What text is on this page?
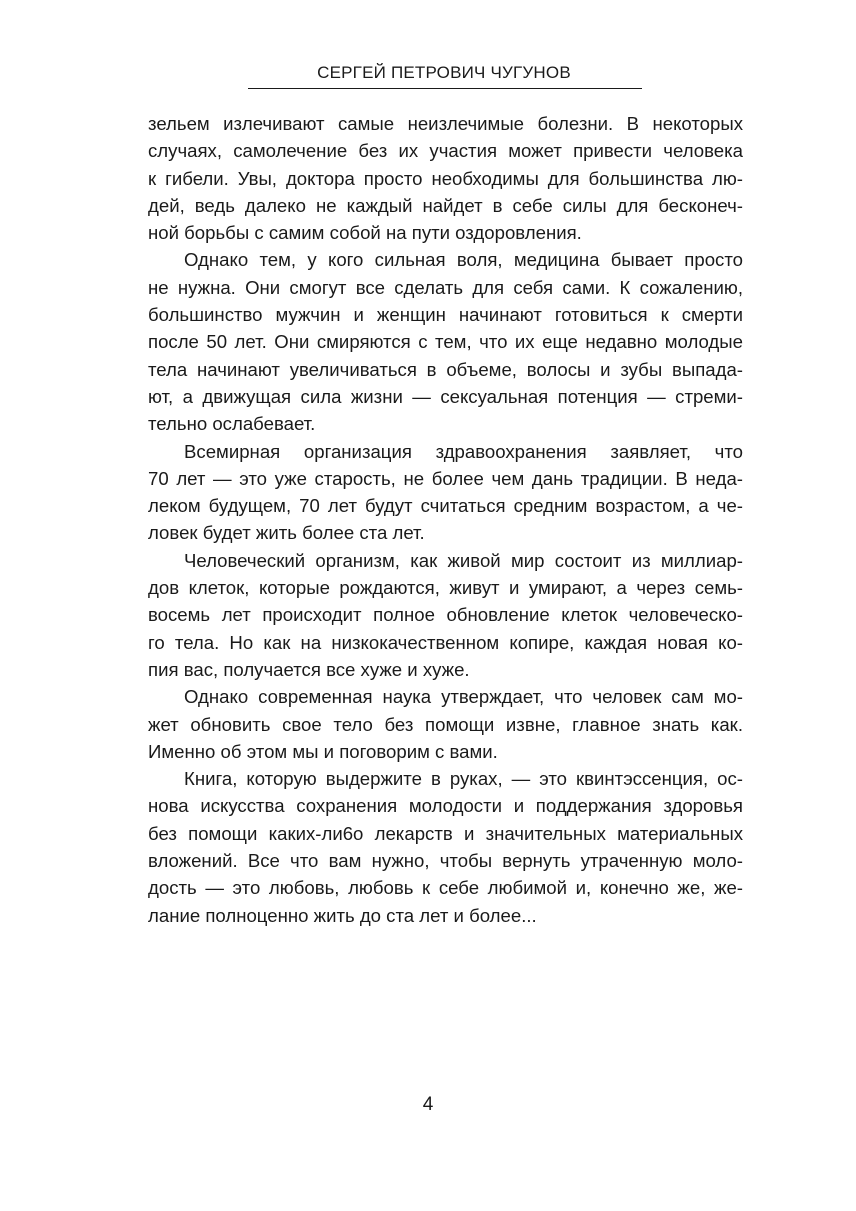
СЕРГЕЙ ПЕТРОВИЧ ЧУГУНОВ
зельем излечивают самые неизлечимые болезни. В некоторых
случаях, самолечение без их участия может привести человека
к гибели. Увы, доктора просто необходимы для большинства лю-
дей, ведь далеко не каждый найдет в себе силы для бесконеч-
ной борьбы с самим собой на пути оздоровления.
Однако тем, у кого сильная воля, медицина бывает просто
не нужна. Они смогут все сделать для себя сами. К сожалению,
большинство мужчин и женщин начинают готовиться к смерти
после 50 лет. Они смиряются с тем, что их еще недавно молодые
тела начинают увеличиваться в объеме, волосы и зубы выпада-
ют, а движущая сила жизни — сексуальная потенция — стреми-
тельно ослабевает.
Всемирная организация здравоохранения заявляет, что
70 лет — это уже старость, не более чем дань традиции. В неда-
леком будущем, 70 лет будут считаться средним возрастом, а че-
ловек будет жить более ста лет.
Человеческий организм, как живой мир состоит из миллиар-
дов клеток, которые рождаются, живут и умирают, а через семь-
восемь лет происходит полное обновление клеток человеческо-
го тела. Но как на низкокачественном копире, каждая новая ко-
пия вас, получается все хуже и хуже.
Однако современная наука утверждает, что человек сам мо-
жет обновить свое тело без помощи извне, главное знать как.
Именно об этом мы и поговорим с вами.
Книга, которую выдержите в руках, — это квинтэссенция, ос-
нова искусства сохранения молодости и поддержания здоровья
без помощи каких-ли6о лекарств и значительных материальных
вложений. Все что вам нужно, чтобы вернуть утраченную моло-
дость — это любовь, любовь к себе любимой и, конечно же, же-
лание полноценно жить до ста лет и более...
4
